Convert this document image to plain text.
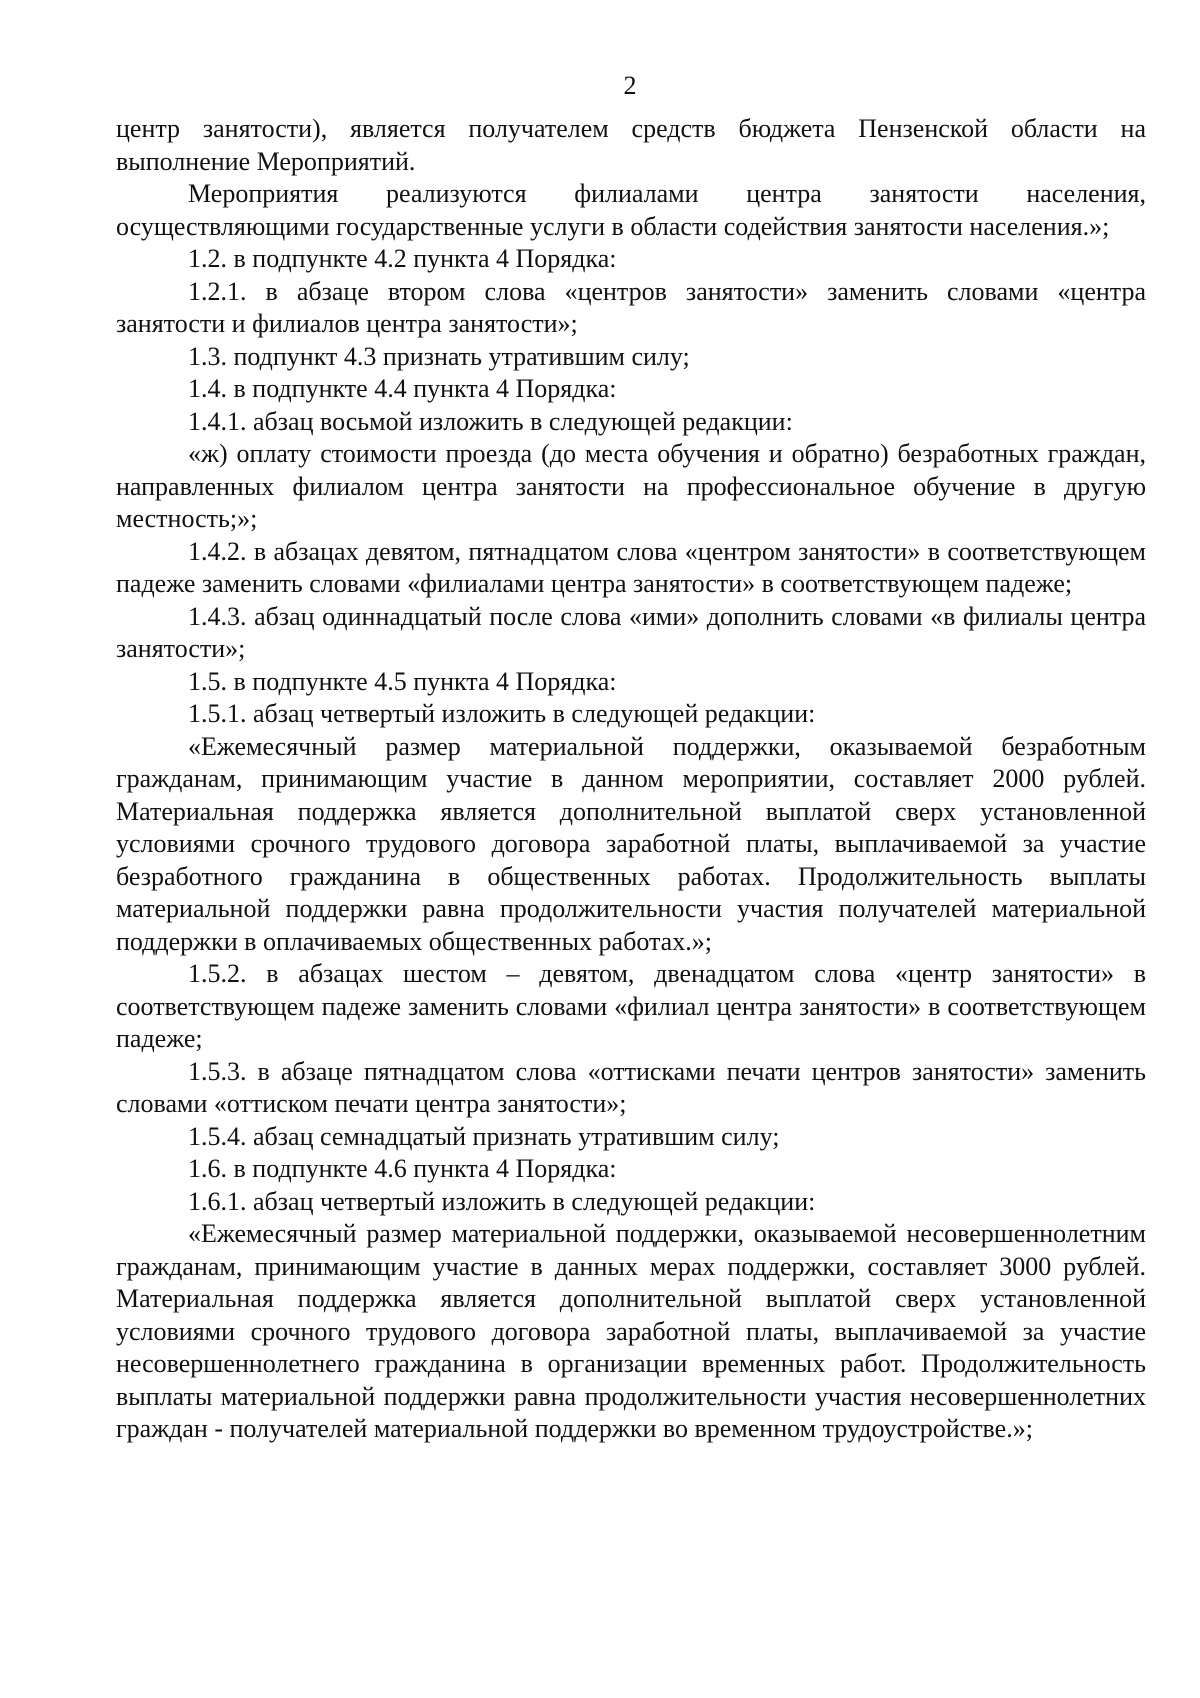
2

центр занятости), является получателем средств бюджета Пензенской области на выполнение Мероприятий.

Мероприятия реализуются филиалами центра занятости населения, осуществляющими государственные услуги в области содействия занятости населения.»;

1.2. в подпункте 4.2 пункта 4 Порядка:

1.2.1. в абзаце втором слова «центров занятости» заменить словами «центра занятости и филиалов центра занятости»;

1.3. подпункт 4.3 признать утратившим силу;

1.4. в подпункте 4.4 пункта 4 Порядка:

1.4.1. абзац восьмой изложить в следующей редакции:

«ж) оплату стоимости проезда (до места обучения и обратно) безработных граждан, направленных филиалом центра занятости на профессиональное обучение в другую местность;»;

1.4.2. в абзацах девятом, пятнадцатом слова «центром занятости» в соответствующем падеже заменить словами «филиалами центра занятости» в соответствующем падеже;

1.4.3. абзац одиннадцатый после слова «ими» дополнить словами «в филиалы центра занятости»;

1.5. в подпункте 4.5 пункта 4 Порядка:

1.5.1. абзац четвертый изложить в следующей редакции:

«Ежемесячный размер материальной поддержки, оказываемой безработным гражданам, принимающим участие в данном мероприятии, составляет 2000 рублей. Материальная поддержка является дополнительной выплатой сверх установленной условиями срочного трудового договора заработной платы, выплачиваемой за участие безработного гражданина в общественных работах. Продолжительность выплаты материальной поддержки равна продолжительности участия получателей материальной поддержки в оплачиваемых общественных работах.»;

1.5.2. в абзацах шестом – девятом, двенадцатом слова «центр занятости» в соответствующем падеже заменить словами «филиал центра занятости» в соответствующем падеже;

1.5.3. в абзаце пятнадцатом слова «оттисками печати центров занятости» заменить словами «оттиском печати центра занятости»;

1.5.4. абзац семнадцатый признать утратившим силу;

1.6. в подпункте 4.6 пункта 4 Порядка:

1.6.1. абзац четвертый изложить в следующей редакции:

«Ежемесячный размер материальной поддержки, оказываемой несовершеннолетним гражданам, принимающим участие в данных мерах поддержки, составляет 3000 рублей. Материальная поддержка является дополнительной выплатой сверх установленной условиями срочного трудового договора заработной платы, выплачиваемой за участие несовершеннолетнего гражданина в организации временных работ. Продолжительность выплаты материальной поддержки равна продолжительности участия несовершеннолетних граждан - получателей материальной поддержки во временном трудоустройстве.»;
